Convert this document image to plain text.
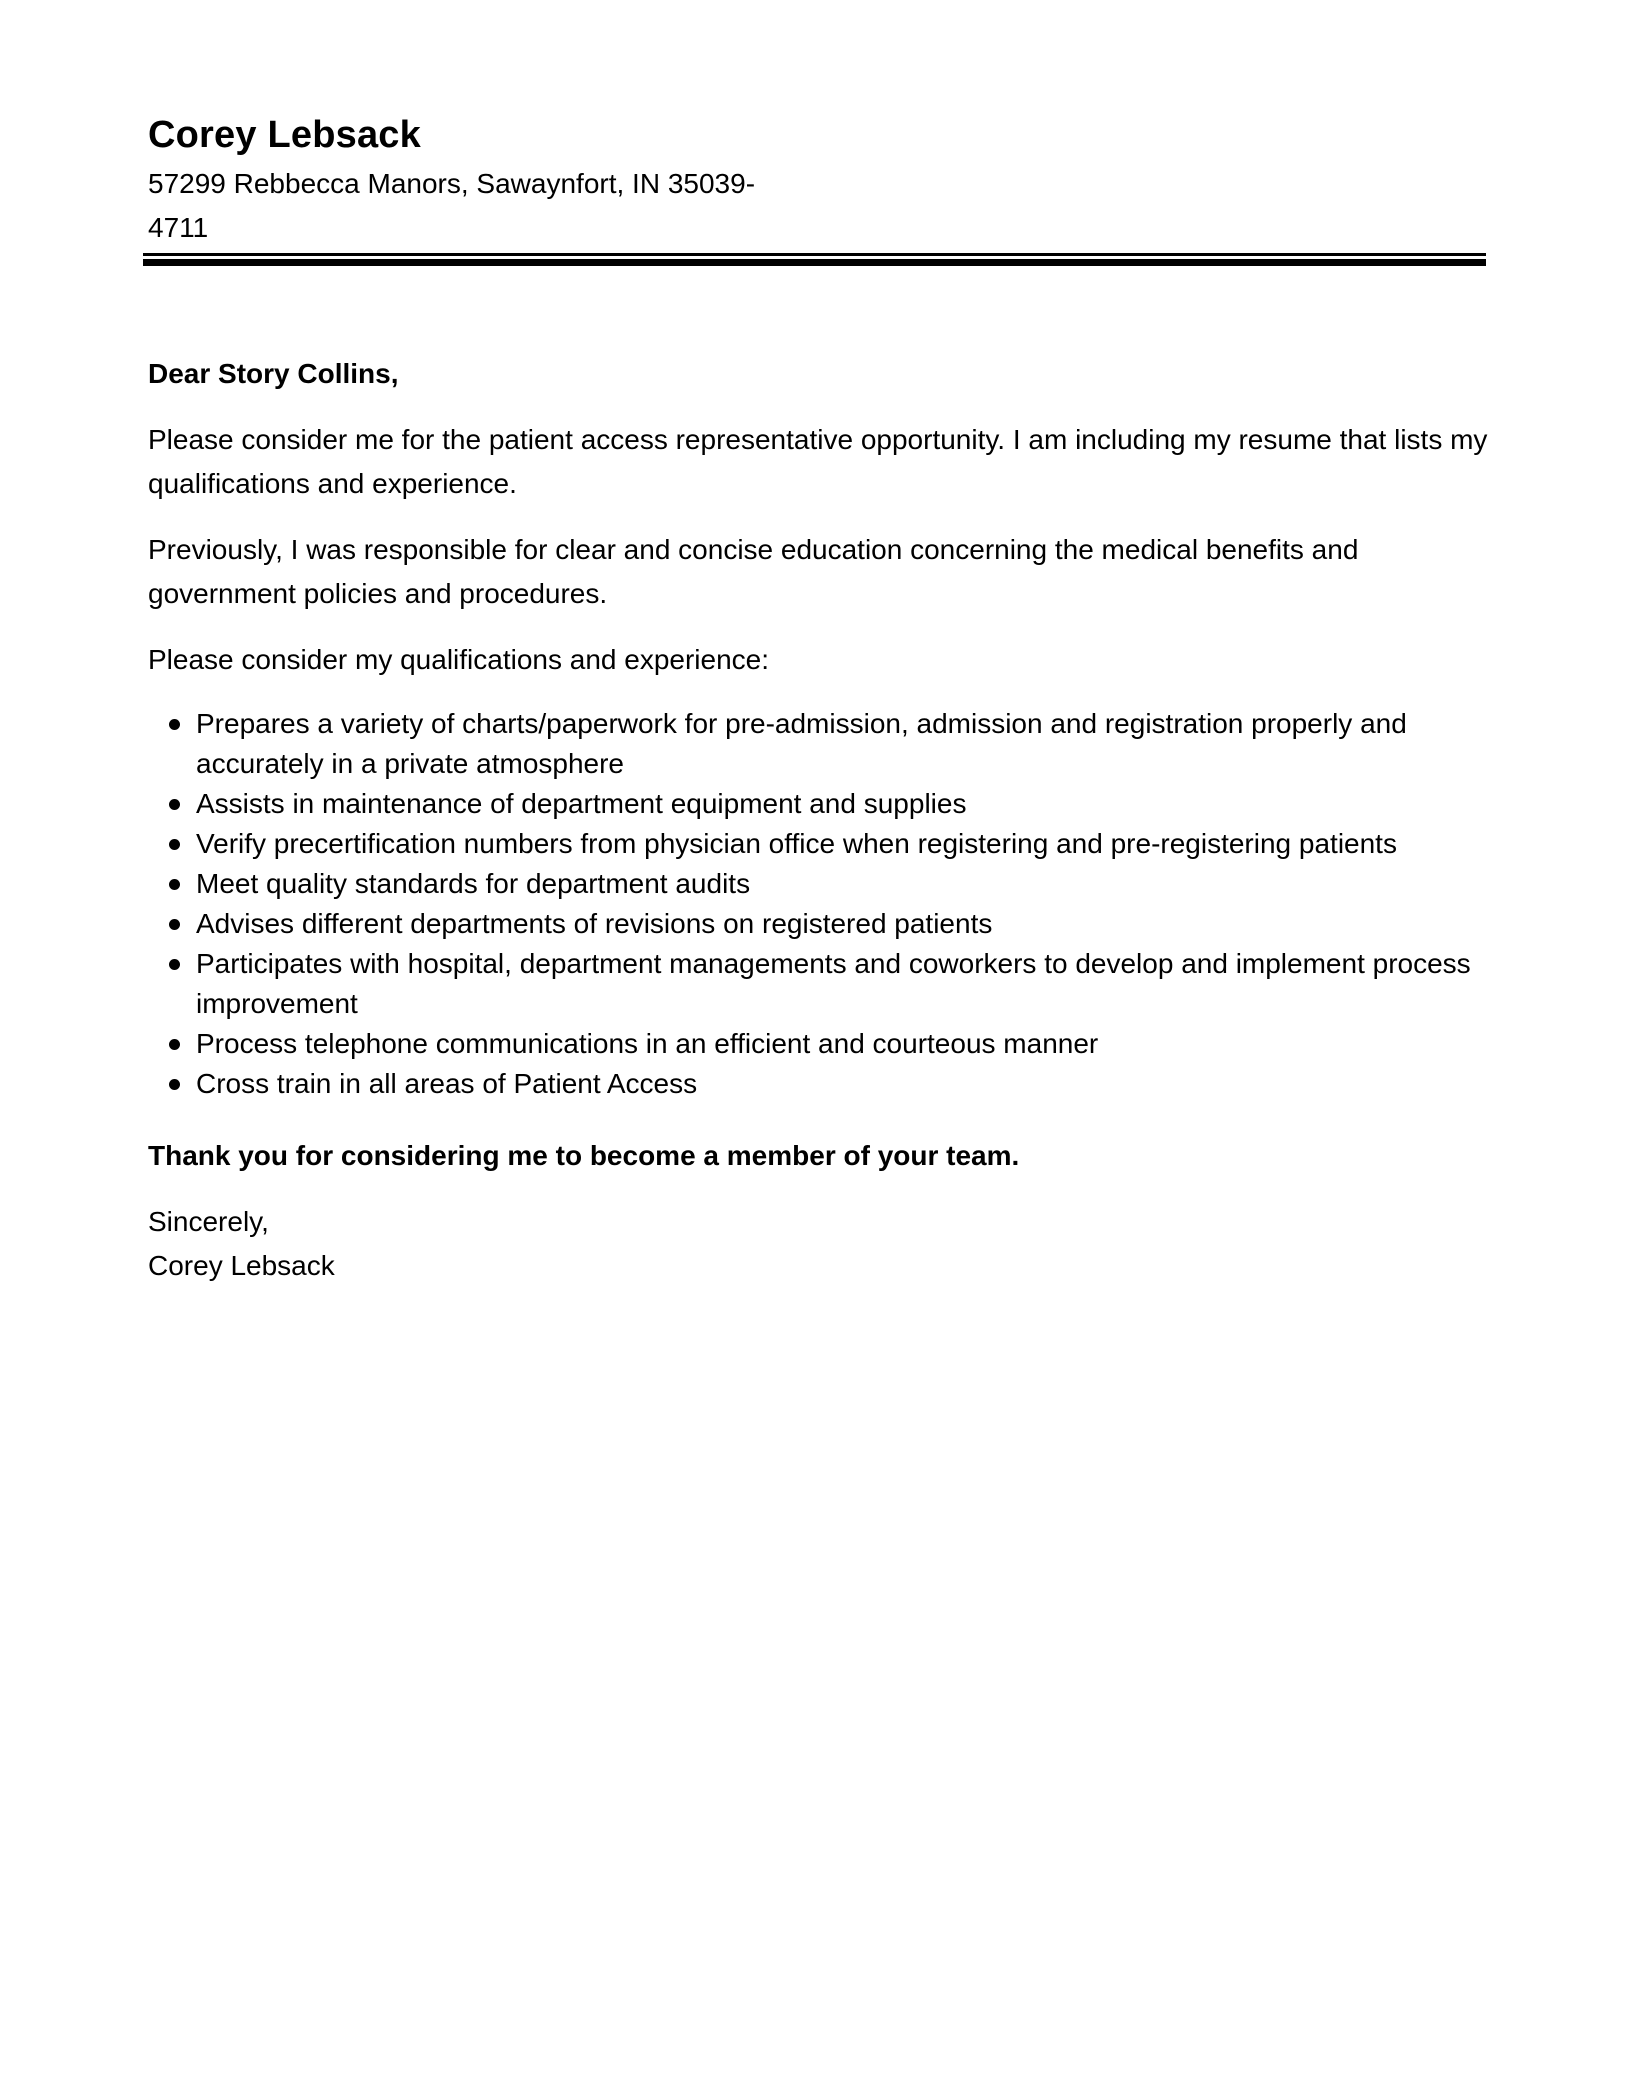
Corey Lebsack

57299 Rebbecca Manors, Sawaynfort, IN 35039-4711

Dear Story Collins,

Please consider me for the patient access representative opportunity. I am including my resume that lists my qualifications and experience.

Previously, I was responsible for clear and concise education concerning the medical benefits and government policies and procedures.

Please consider my qualifications and experience:

Prepares a variety of charts/paperwork for pre-admission, admission and registration properly and accurately in a private atmosphere
Assists in maintenance of department equipment and supplies
Verify precertification numbers from physician office when registering and pre-registering patients
Meet quality standards for department audits
Advises different departments of revisions on registered patients
Participates with hospital, department managements and coworkers to develop and implement process improvement
Process telephone communications in an efficient and courteous manner
Cross train in all areas of Patient Access

Thank you for considering me to become a member of your team.

Sincerely,

Corey Lebsack
